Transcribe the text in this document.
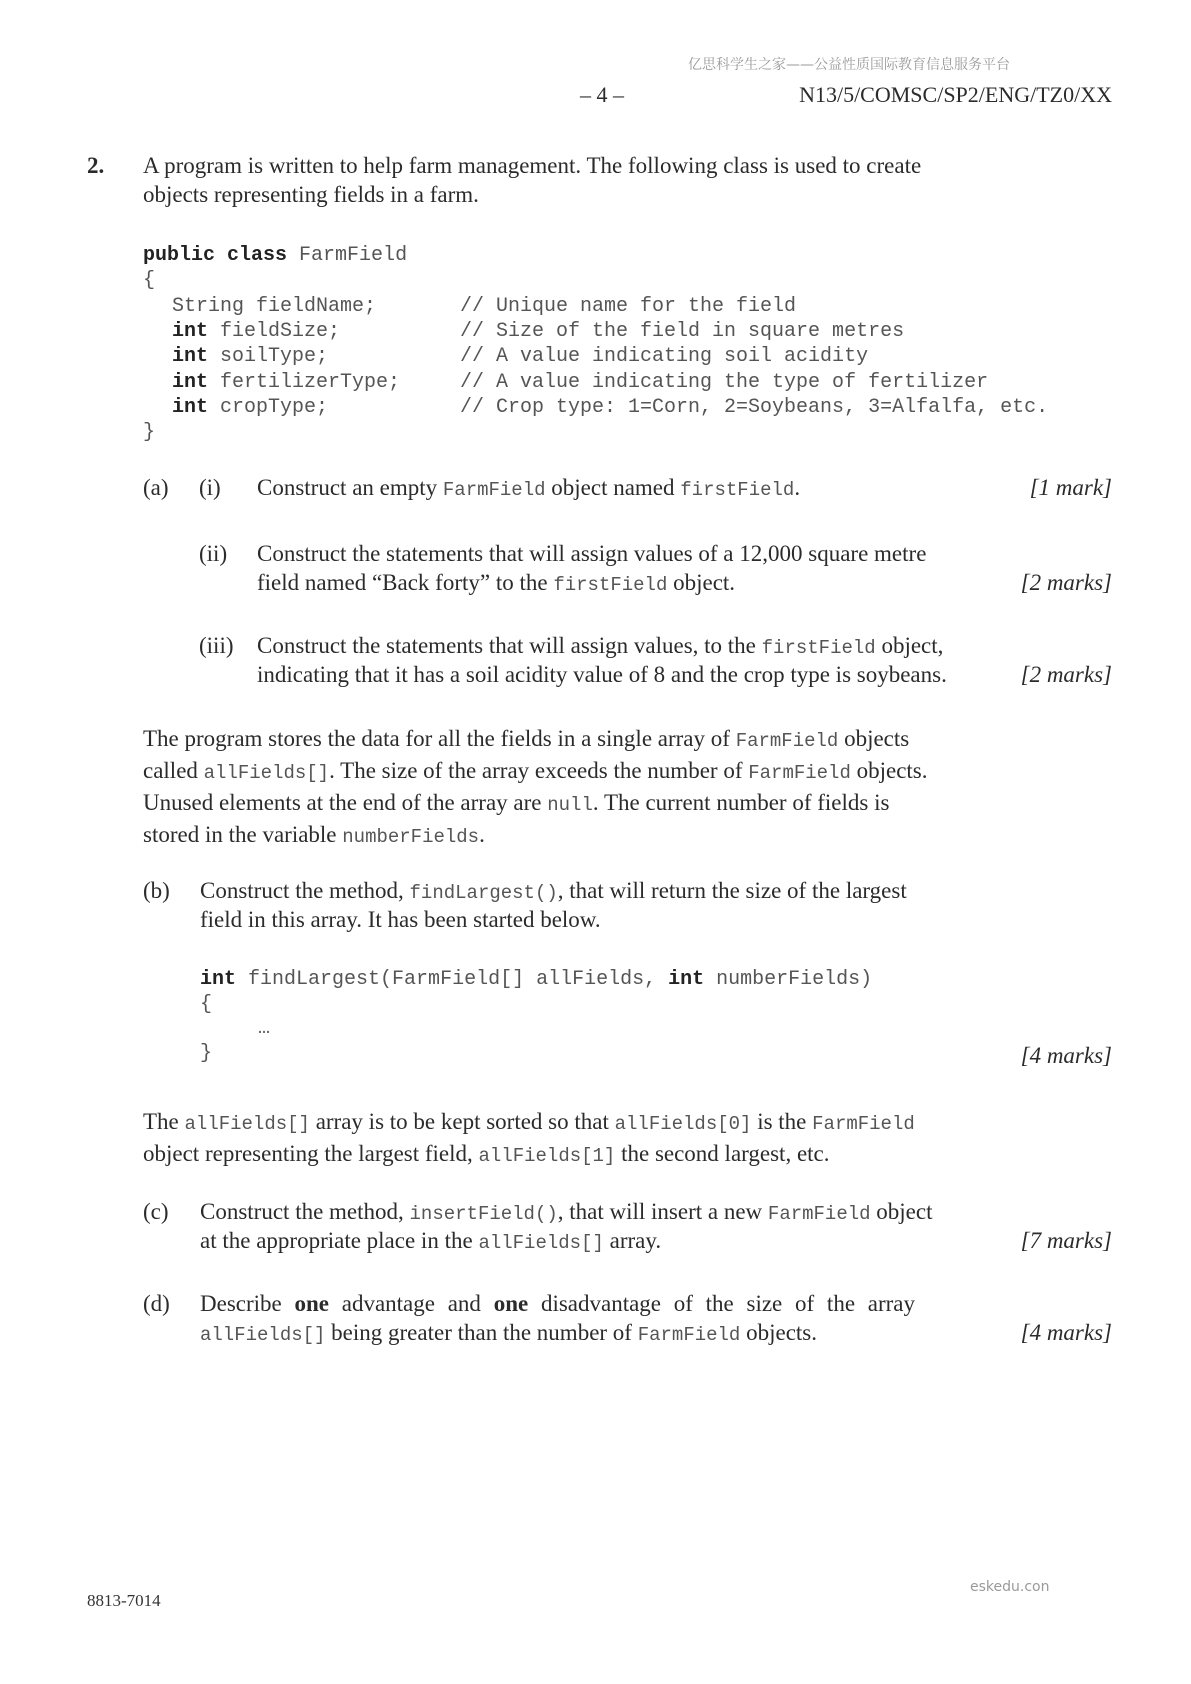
亿思科学生之家——公益性质国际教育信息服务平台
– 4 –	N13/5/COMSC/SP2/ENG/TZ0/XX
2. A program is written to help farm management. The following class is used to create
objects representing fields in a farm.
public class FarmField
{
String fieldName;	// Unique name for the field
int fieldSize;	// Size of the field in square metres
int soilType;	// A value indicating soil acidity
int fertilizerType;	// A value indicating the type of fertilizer
int cropType;	// Crop type: 1=Corn, 2=Soybeans, 3=Alfalfa, etc.
}
(a) (i) Construct an empty FarmField object named firstField.	[1 mark]
(ii) Construct the statements that will assign values of a 12,000 square metre
field named “Back forty” to the firstField object.	[2 marks]
(iii) Construct the statements that will assign values, to the firstField object,
indicating that it has a soil acidity value of 8 and the crop type is soybeans.	[2 marks]
The program stores the data for all the fields in a single array of FarmField objects
called allFields[]. The size of the array exceeds the number of FarmField objects.
Unused elements at the end of the array are null. The current number of fields is
stored in the variable numberFields.
(b) Construct the method, findLargest(), that will return the size of the largest
field in this array. It has been started below.
int findLargest(FarmField[] allFields, int numberFields)
{
…
}	[4 marks]
The allFields[] array is to be kept sorted so that allFields[0] is the FarmField
object representing the largest field, allFields[1] the second largest, etc.
(c) Construct the method, insertField(), that will insert a new FarmField object
at the appropriate place in the allFields[] array.	[7 marks]
(d) Describe one advantage and one disadvantage of the size of the array
allFields[] being greater than the number of FarmField objects.	[4 marks]
8813-7014
eskedu.con
